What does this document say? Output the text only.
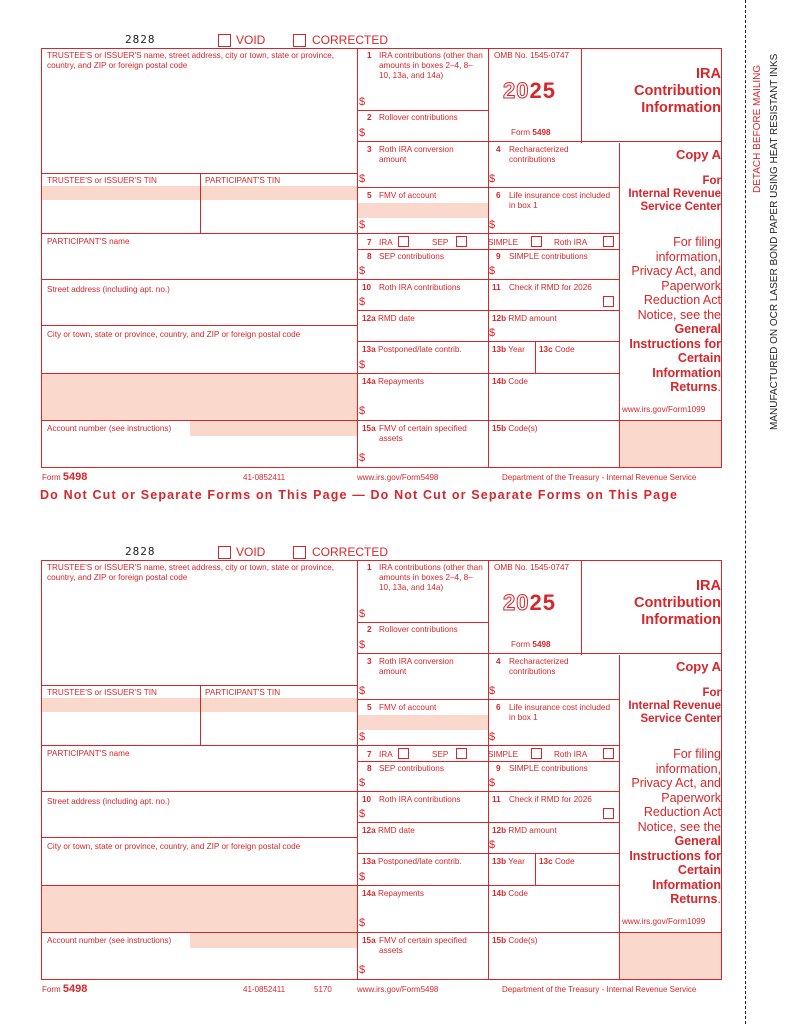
DETACH BEFORE MAILING MANUFACTURED ON OCR LASER BOND PAPER USING HEAT RESISTANT INKS
Do Not Cut or Separate Forms on This Page — Do Not Cut or Separate Forms on This Page
2828	VOID	CORRECTED
TRUSTEE'S or ISSUER'S name, street address, city or town, state or province, country, and ZIP or foreign postal code
TRUSTEE'S or ISSUER'S TIN	PARTICIPANT'S TIN
PARTICIPANT'S name
Street address (including apt. no.)
City or town, state or province, country, and ZIP or foreign postal code
Account number (see instructions)
1 IRA contributions (other than amounts in boxes 2–4, 8–10, 13a, and 14a)
$
2 Rollover contributions
$
OMB No. 1545-0747
2025
Form 5498
IRA
Contribution
Information
3 Roth IRA conversion amount
$
4 Recharacterized contributions
$
5 FMV of account
$
6 Life insurance cost included in box 1
$
7 IRA	SEP	SIMPLE	Roth IRA
8 SEP contributions
$
9 SIMPLE contributions
$
10 Roth IRA contributions
$
11 Check if RMD for 2026
12a RMD date	12b RMD amount
$
13a Postponed/late contrib.
$
13b Year 13c Code
14a Repayments
$
14b Code
15a FMV of certain specified assets
$
15b Code(s)
Copy A
For
Internal Revenue
Service Center
For filing
information,
Privacy Act, and
Paperwork
Reduction Act
Notice, see the
General
Instructions for
Certain
Information
Returns.
www.irs.gov/Form1099
Form 5498	41-0852411	www.irs.gov/Form5498	Department of the Treasury - Internal Revenue Service
2828	VOID	CORRECTED
TRUSTEE'S or ISSUER'S name, street address, city or town, state or province, country, and ZIP or foreign postal code
TRUSTEE'S or ISSUER'S TIN	PARTICIPANT'S TIN
PARTICIPANT'S name
Street address (including apt. no.)
City or town, state or province, country, and ZIP or foreign postal code
Account number (see instructions)
1 IRA contributions (other than amounts in boxes 2–4, 8–10, 13a, and 14a)
$
2 Rollover contributions
$
OMB No. 1545-0747
2025
Form 5498
IRA
Contribution
Information
3 Roth IRA conversion amount
$
4 Recharacterized contributions
$
5 FMV of account
$
6 Life insurance cost included in box 1
$
7 IRA	SEP	SIMPLE	Roth IRA
8 SEP contributions
$
9 SIMPLE contributions
$
10 Roth IRA contributions
$
11 Check if RMD for 2026
12a RMD date	12b RMD amount
$
13a Postponed/late contrib.
$
13b Year 13c Code
14a Repayments
$
14b Code
15a FMV of certain specified assets
$
15b Code(s)
Copy A
For
Internal Revenue
Service Center
For filing
information,
Privacy Act, and
Paperwork
Reduction Act
Notice, see the
General
Instructions for
Certain
Information
Returns.
www.irs.gov/Form1099
Form 5498	41-0852411	www.irs.gov/Form5498	Department of the Treasury - Internal Revenue Service
5170
